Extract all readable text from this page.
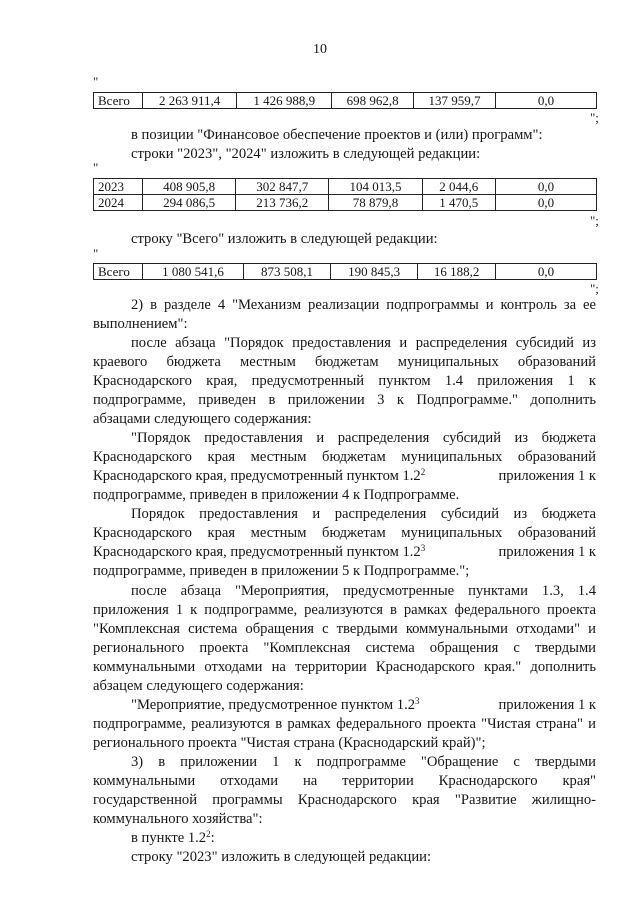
10
"
Всего	2 263 911,4	1 426 988,9	698 962,8	137 959,7	0,0
";
в позиции "Финансовое обеспечение проектов и (или) программ":
строки "2023", "2024" изложить в следующей редакции:
"
2023	408 905,8	302 847,7	104 013,5	2 044,6	0,0
2024	294 086,5	213 736,2	78 879,8	1 470,5	0,0
";
строку "Всего" изложить в следующей редакции:
"
Всего	1 080 541,6	873 508,1	190 845,3	16 188,2	0,0
";
2) в разделе 4 "Механизм реализации подпрограммы и контроль за ее
выполнением":
после абзаца "Порядок предоставления и распределения субсидий из
краевого бюджета местным бюджетам муниципальных образований
Краснодарского края, предусмотренный пунктом 1.4 приложения 1 к
подпрограмме, приведен в приложении 3 к Подпрограмме." дополнить
абзацами следующего содержания:
"Порядок предоставления и распределения субсидий из бюджета
Краснодарского края местным бюджетам муниципальных образований
Краснодарского края, предусмотренный пунктом $1.2^2$	приложения 1 к
подпрограмме, приведен в приложении 4 к Подпрограмме.
Порядок предоставления и распределения субсидий из бюджета
Краснодарского края местным бюджетам муниципальных образований
Краснодарского края, предусмотренный пунктом $1.2^3$	приложения 1 к
подпрограмме, приведен в приложении 5 к Подпрограмме.";
после абзаца "Мероприятия, предусмотренные пунктами 1.3, 1.4
приложения 1 к подпрограмме, реализуются в рамках федерального проекта
"Комплексная система обращения с твердыми коммунальными отходами" и
регионального проекта "Комплексная система обращения с твердыми
коммунальными отходами на территории Краснодарского края." дополнить
абзацем следующего содержания:
"Мероприятие, предусмотренное пунктом $1.2^3$	приложения 1 к
подпрограмме, реализуются в рамках федерального проекта "Чистая страна" и
регионального проекта "Чистая страна (Краснодарский край)";
3) в приложении 1 к подпрограмме "Обращение с твердыми
коммунальными отходами на территории Краснодарского края"
государственной программы Краснодарского края "Развитие жилищно-
коммунального хозяйства":
в пункте $1.2^2$:
строку "2023" изложить в следующей редакции:
